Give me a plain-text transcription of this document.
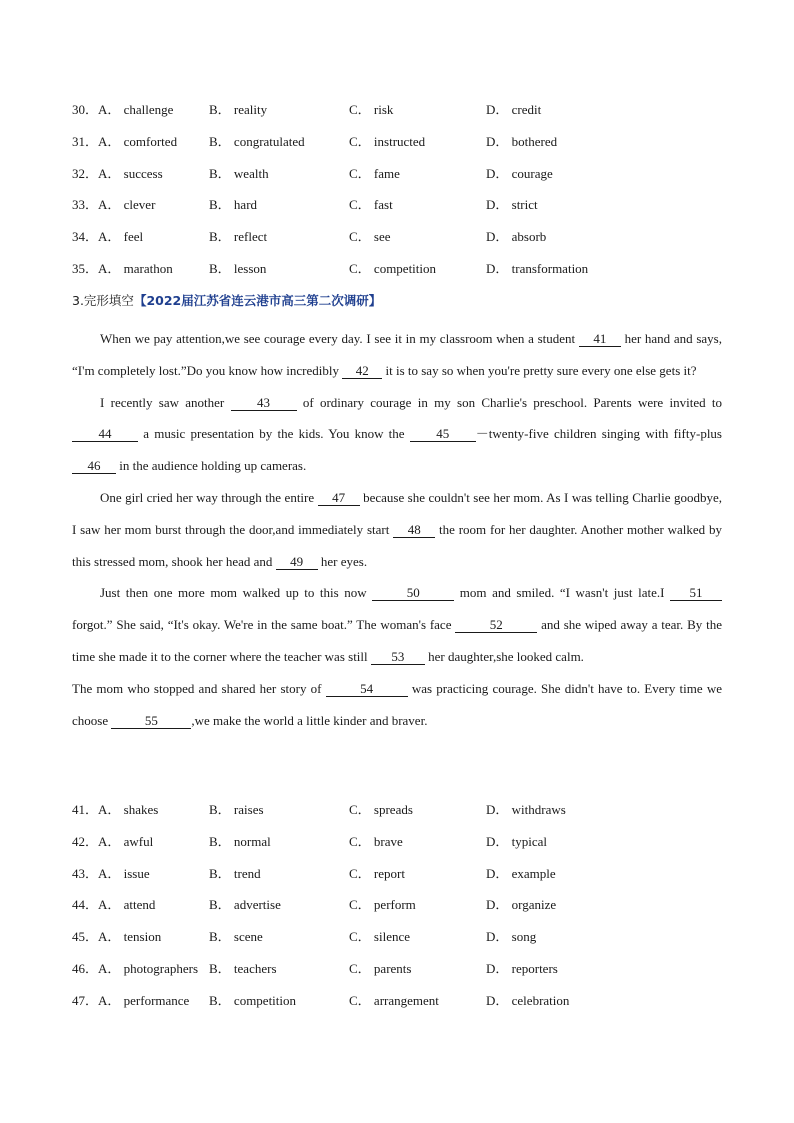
30．A． challenge	B． reality	C． risk	D． credit
31．A． comforted B． congratulated	C． instructed	D． bothered
32．A． success	B． wealth	C． fame	D． courage
33．A． clever	B． hard	C． fast	D． strict
34．A． feel	B． reflect	C． see	D． absorb
35．A． marathon	B． lesson	C． competition	D． transformation
3.完形填空【2022届江苏省连云港市高三第二次调研】

When we pay attention,we see courage every day. I see it in my classroom when a student 41 her hand and says, “I'm completely lost.”Do you know how incredibly 42 it is to say so when you're pretty sure every one else gets it?

I recently saw another 43 of ordinary courage in my son Charlie's preschool. Parents were invited to 44 a music presentation by the kids. You know the 45 －twenty-five children singing with fifty-plus 46 in the audience holding up cameras.

One girl cried her way through the entire 47 because she couldn't see her mom. As I was telling Charlie goodbye, I saw her mom burst through the door,and immediately start 48 the room for her daughter. Another mother walked by this stressed mom, shook her head and 49 her eyes.

Just then one more mom walked up to this now	50	mom and smiled. “I wasn't just late.I 51 forgot.” She said, “It's okay. We're in the same boat.” The woman's face	52	and she wiped away a tear. By the time she made it to the corner where the teacher was still 53 her daughter,she looked calm.

The mom who stopped and shared her story of	54	was practicing courage. She didn't have to. Every time we choose	55	,we make the world a little kinder and braver.

41．A． shakes	B． raises	C． spreads	D． withdraws
42．A． awful	B． normal	C． brave	D． typical
43．A． issue	B． trend	C． report	D． example
44．A． attend	B． advertise	C． perform	D． organize
45．A． tension	B． scene	C． silence	D． song
46．A． photographers B． teachers	C． parents	D． reporters
47．A． performance B． competition	C． arrangement	D． celebration
